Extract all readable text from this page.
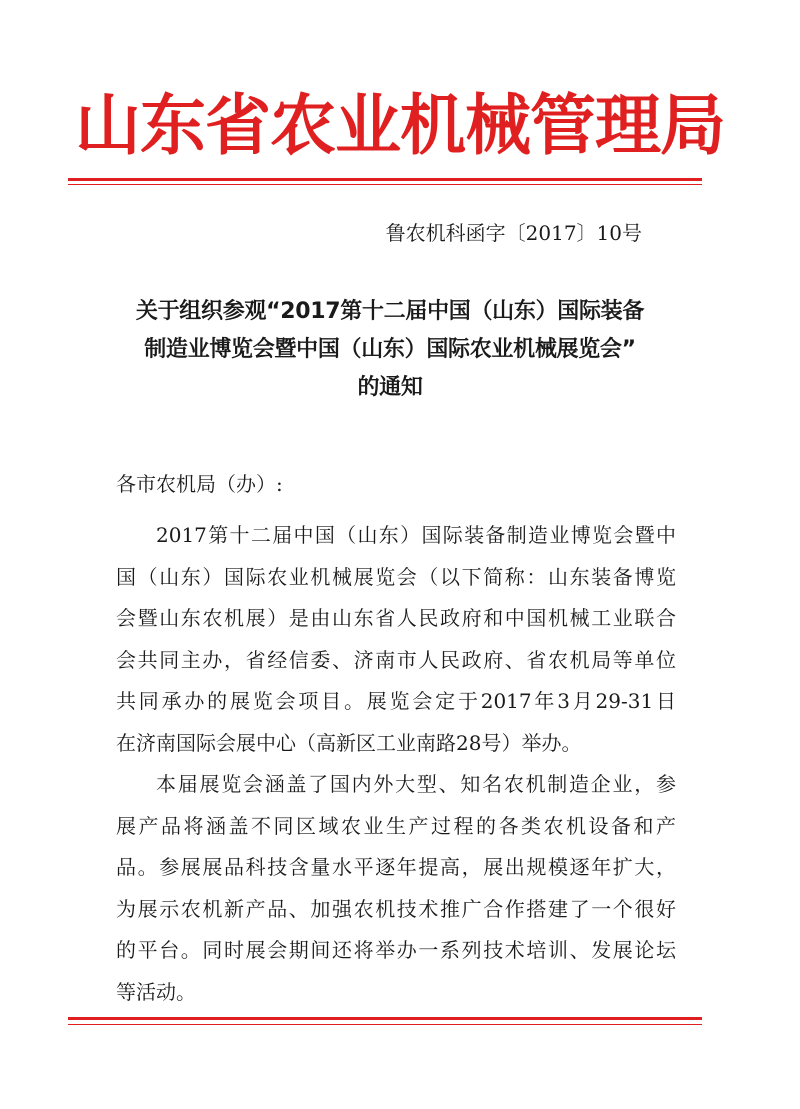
山东省农业机械管理局
鲁农机科函字〔2017〕10号
关于组织参观“2017第十二届中国（山东）国际装备
制造业博览会暨中国（山东）国际农业机械展览会”
的通知
各市农机局（办）:
2017第十二届中国（山东）国际装备制造业博览会暨中
国（山东）国际农业机械展览会（以下简称：山东装备博览
会暨山东农机展）是由山东省人民政府和中国机械工业联合
会共同主办，省经信委、济南市人民政府、省农机局等单位
共同承办的展览会项目。展览会定于2017年3月29-31日
在济南国际会展中心（高新区工业南路28号）举办。
本届展览会涵盖了国内外大型、知名农机制造企业，参
展产品将涵盖不同区域农业生产过程的各类农机设备和产
品。参展展品科技含量水平逐年提高，展出规模逐年扩大，
为展示农机新产品、加强农机技术推广合作搭建了一个很好
的平台。同时展会期间还将举办一系列技术培训、发展论坛
等活动。
